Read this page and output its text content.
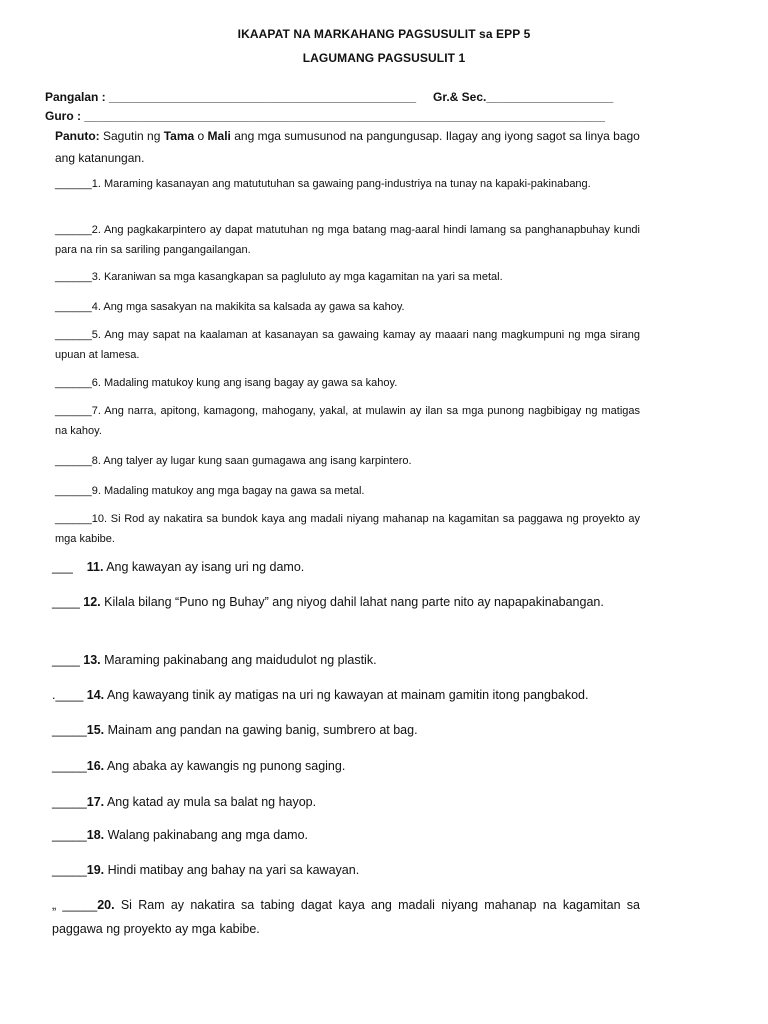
IKAAPAT NA MARKAHANG PAGSUSULIT sa EPP 5
LAGUMANG PAGSUSULIT 1
Pangalan : ______________________________________________ Gr.& Sec.___________________
Guro : ______________________________________________________________________________
Panuto: Sagutin ng Tama o Mali ang mga sumusunod na pangungusap. Ilagay ang iyong sagot sa linya bago ang katanungan.
______1. Maraming kasanayan ang matututuhan sa gawaing pang-industriya na tunay na kapaki-pakinabang.
______2. Ang pagkakarpintero ay dapat matutuhan ng mga batang mag-aaral hindi lamang sa panghanapbuhay kundi para na rin sa sariling pangangailangan.
______3. Karaniwan sa mga kasangkapan sa pagluluto ay mga kagamitan na yari sa metal.
______4. Ang mga sasakyan na makikita sa kalsada ay gawa sa kahoy.
______5. Ang may sapat na kaalaman at kasanayan sa gawaing kamay ay maaari nang magkumpuni ng mga sirang upuan at lamesa.
______6. Madaling matukoy kung ang isang bagay ay gawa sa kahoy.
______7. Ang narra, apitong, kamagong, mahogany, yakal, at mulawin ay ilan sa mga punong nagbibigay ng matigas na kahoy.
______8. Ang talyer ay lugar kung saan gumagawa ang isang karpintero.
______9. Madaling matukoy ang mga bagay na gawa sa metal.
______10. Si Rod ay nakatira sa bundok kaya ang madali niyang mahanap na kagamitan sa paggawa ng proyekto ay mga kabibe.
___    11. Ang kawayan ay isang uri ng damo.
____ 12. Kilala bilang “Puno ng Buhay” ang niyog dahil lahat nang parte nito ay napapakinabangan.
____ 13. Maraming pakinabang ang maidudulot ng plastik.
.____ 14. Ang kawayang tinik ay matigas na uri ng kawayan at mainam gamitin itong pangbakod.
_____15. Mainam ang pandan na gawing banig, sumbrero at bag.
_____16. Ang abaka ay kawangis ng punong saging.
_____17. Ang katad ay mula sa balat ng hayop.
_____18. Walang pakinabang ang mga damo.
_____19. Hindi matibay ang bahay na yari sa kawayan.
„ _____20. Si Ram ay nakatira sa tabing dagat kaya ang madali niyang mahanap na kagamitan sa paggawa ng proyekto ay mga kabibe.
